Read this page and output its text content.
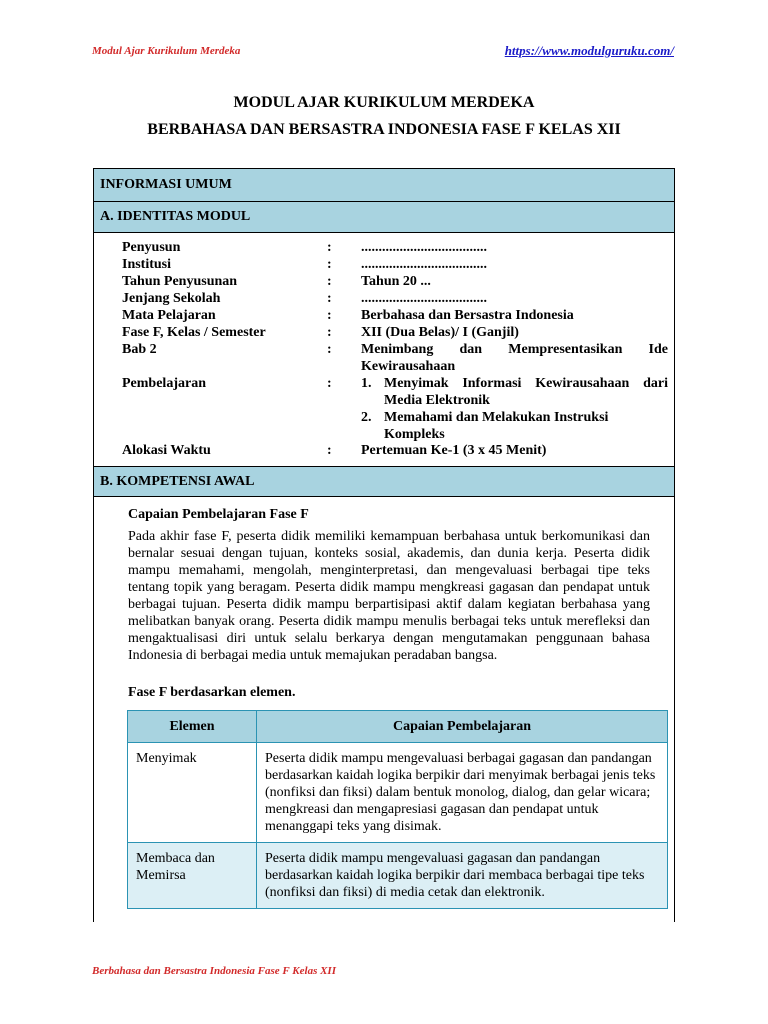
Modul Ajar Kurikulum Merdeka	https://www.modulguruku.com/
MODUL AJAR KURIKULUM MERDEKA
BERBAHASA DAN BERSASTRA INDONESIA FASE F KELAS XII
INFORMASI UMUM
A. IDENTITAS MODUL
Penyusun	: ....................................
Institusi	: ....................................
Tahun Penyusunan	: Tahun 20 ...
Jenjang Sekolah	: ....................................
Mata Pelajaran	: Berbahasa dan Bersastra Indonesia
Fase F, Kelas / Semester	: XII (Dua Belas)/ I (Ganjil)
Bab 2	: Menimbang dan Mempresentasikan Ide
Kewirausahaan
Pembelajaran	: 1. Menyimak Informasi Kewirausahaan dari
Media Elektronik
2. Memahami dan Melakukan Instruksi
Kompleks
Alokasi Waktu	: Pertemuan Ke-1 (3 x 45 Menit)
B. KOMPETENSI AWAL
Capaian Pembelajaran Fase F

Pada akhir fase F, peserta didik memiliki kemampuan berbahasa untuk berkomunikasi dan bernalar sesuai dengan tujuan, konteks sosial, akademis, dan dunia kerja. Peserta didik mampu memahami, mengolah, menginterpretasi, dan mengevaluasi berbagai tipe teks tentang topik yang beragam. Peserta didik mampu mengkreasi gagasan dan pendapat untuk berbagai tujuan. Peserta didik mampu berpartisipasi aktif dalam kegiatan berbahasa yang melibatkan banyak orang. Peserta didik mampu menulis berbagai teks untuk merefleksi dan mengaktualisasi diri untuk selalu berkarya dengan mengutamakan penggunaan bahasa Indonesia di berbagai media untuk memajukan peradaban bangsa.

Fase F berdasarkan elemen.
Elemen	Capaian Pembelajaran
Menyimak	Peserta didik mampu mengevaluasi berbagai gagasan dan pandangan berdasarkan kaidah logika berpikir dari menyimak berbagai jenis teks (nonfiksi dan fiksi) dalam bentuk monolog, dialog, dan gelar wicara; mengkreasi dan mengapresiasi gagasan dan pendapat untuk menanggapi teks yang disimak.
Membaca dan Memirsa	Peserta didik mampu mengevaluasi gagasan dan pandangan berdasarkan kaidah logika berpikir dari membaca berbagai tipe teks (nonfiksi dan fiksi) di media cetak dan elektronik.
Berbahasa dan Bersastra Indonesia Fase F Kelas XII
